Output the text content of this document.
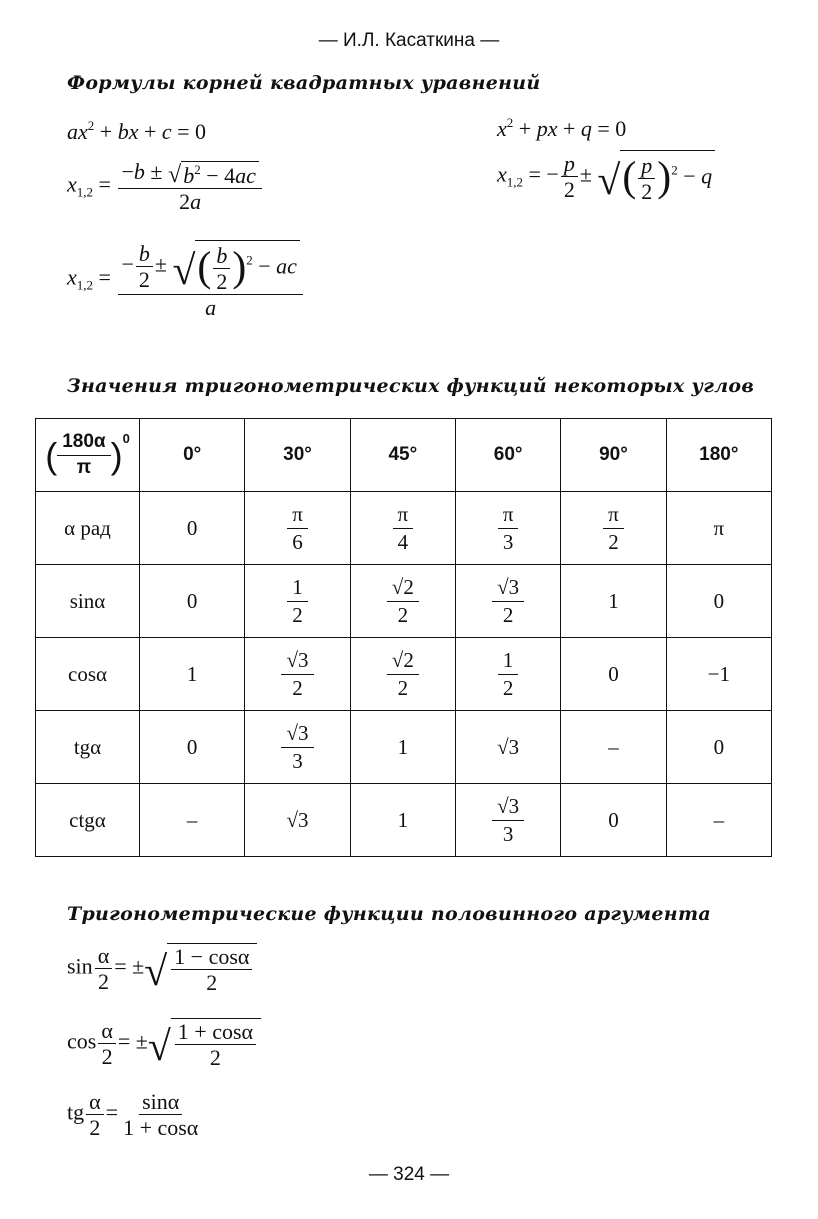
— И.Л. Касаткина —
Формулы корней квадратных уравнений
$ax^2$ + bx + c = 0	$x^2$ + px + q = 0
$x_{1,2} = \frac{-b \pm √ b^2 - 4ac}{2a}$	$x_{1,2}$ = − $\frac{p}{2}$ ± √ ( $\frac{p}{2} )^2 - q$
$x_{1,2} = \frac{- \frac{b}{2} \pm √ ( \frac{b}{2} )^2 - ac}{a}$
Значения тригонометрических функций некоторых углов
( $\frac{180\alpha}{\pi} )^0$	0°	30°	45°	60°	90°	180°
α рад	0	$\frac{\pi}{6}$	$\frac{\pi}{4}$	$\frac{\pi}{3}$	$\frac{\pi}{2}$	π
sinα	0	$\frac{1}{2}$	$\frac{√2}{2}$	$\frac{√3}{2}$	1	0
cosα	1	$\frac{√3}{2}$	$\frac{√2}{2}$	$\frac{1}{2}$	0	−1
tgα	0	$\frac{√3}{3}$	1	√3	–	0
ctgα	–	√3	1	$\frac{√3}{3}$	0	–
Тригонометрические функции половинного аргумента
$\sin \frac{\alpha}{2}$ = ± √ $\frac{1 - \cos\alpha}{2}$
$\cos \frac{\alpha}{2}$ = ± √ $\frac{1 + \cos\alpha}{2}$
tg $\frac{\alpha}{2} = \frac{\sin\alpha}{1 + \cos\alpha}$
— 324 —
